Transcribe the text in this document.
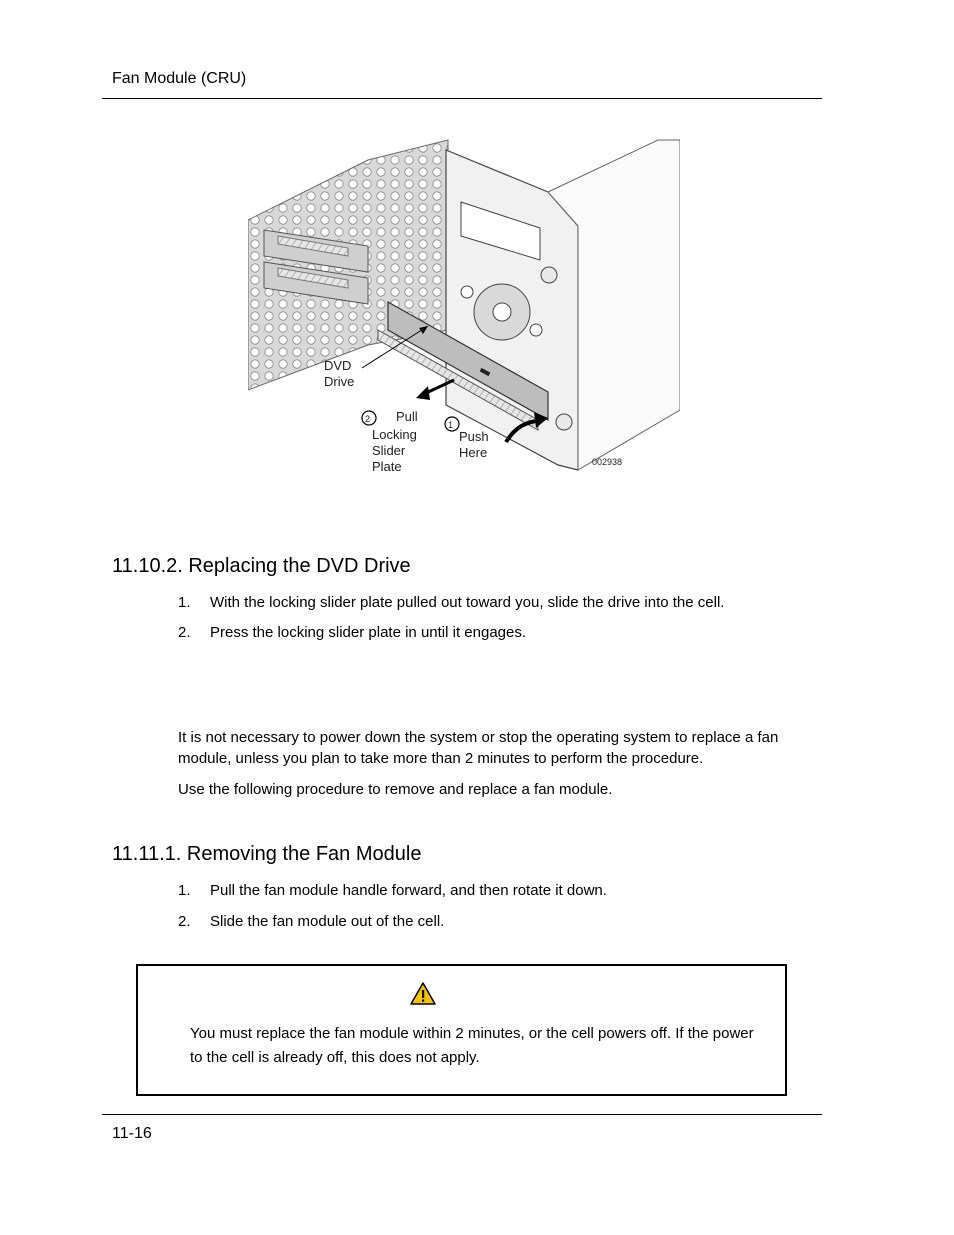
Fan Module (CRU)
DVD
Drive
2 Pull
Locking
Slider
Plate
1
Push
Here
002938
11.10.2. Replacing the DVD Drive
1. With the locking slider plate pulled out toward you, slide the drive into the cell.
2. Press the locking slider plate in until it engages.
It is not necessary to power down the system or stop the operating system to replace a fan module, unless you plan to take more than 2 minutes to perform the procedure.
Use the following procedure to remove and replace a fan module.
11.11.1. Removing the Fan Module
1. Pull the fan module handle forward, and then rotate it down.
2. Slide the fan module out of the cell.
You must replace the fan module within 2 minutes, or the cell powers off. If the power to the cell is already off, this does not apply.
11-16
